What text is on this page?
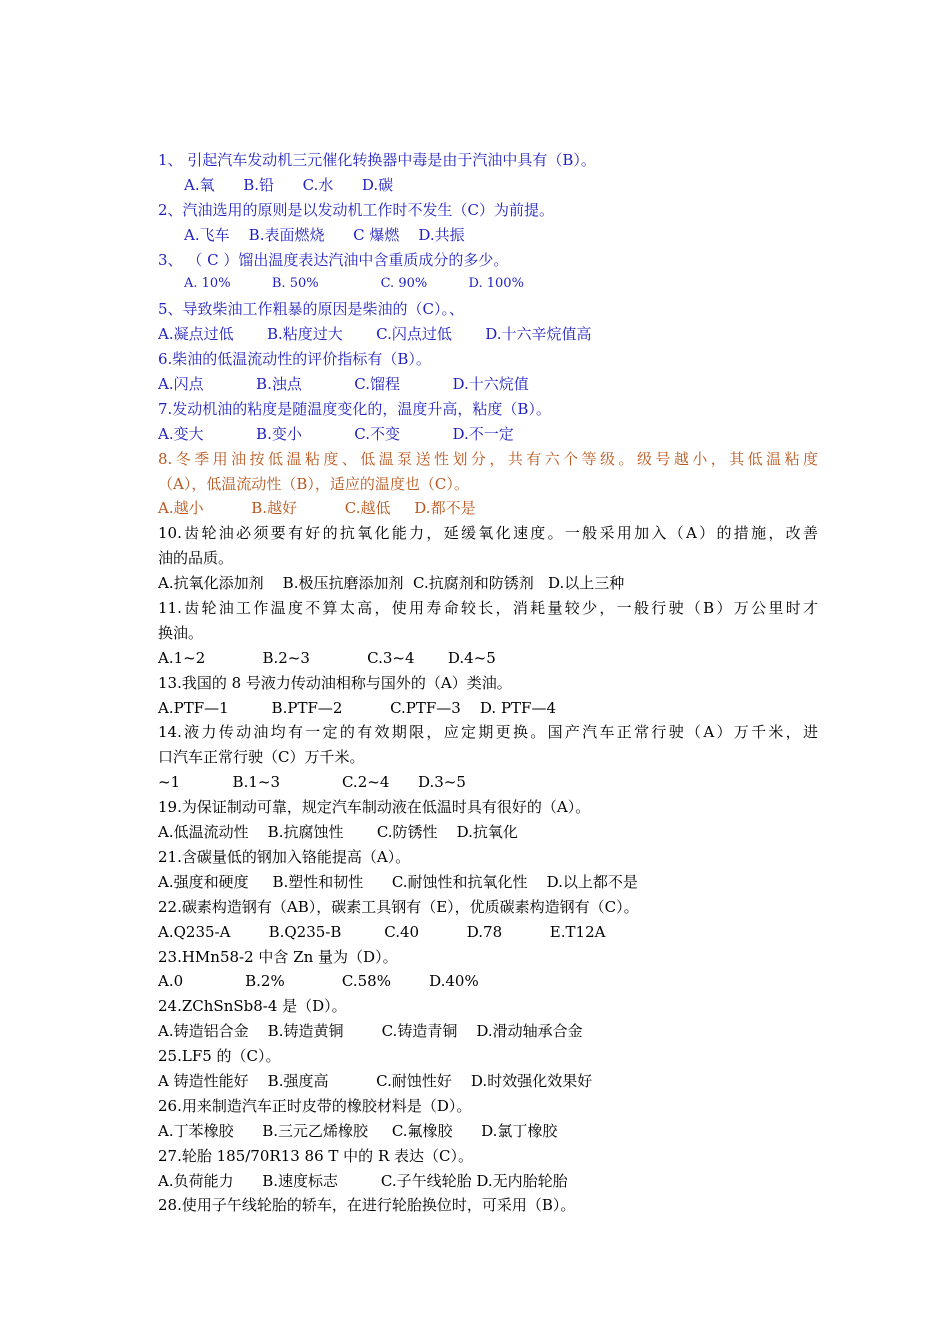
1、 引起汽车发动机三元催化转换器中毒是由于汽油中具有（B）。
A.氧      B.铅      C.水      D.碳
2、汽油选用的原则是以发动机工作时不发生（C）为前提。
A.飞车    B.表面燃烧      C 爆燃    D.共振
3、 （ C ）馏出温度表达汽油中含重质成分的多少。
A. 10%          B. 50%               C. 90%          D. 100%
5、导致柴油工作粗暴的原因是柴油的（C）。、
A.凝点过低       B.粘度过大       C.闪点过低       D.十六辛烷值高
6.柴油的低温流动性的评价指标有（B）。
A.闪点           B.浊点           C.馏程           D.十六烷值
7.发动机油的粘度是随温度变化的，温度升高，粘度（B）。
A.变大           B.变小           C.不变           D.不一定
8.冬季用油按低温粘度、低温泵送性划分，共有六个等级。级号越小，其低温粘度
（A），低温流动性（B），适应的温度也（C）。
A.越小          B.越好          C.越低     D.都不是
10.齿轮油必须要有好的抗氧化能力，延缓氧化速度。一般采用加入（A）的措施，改善
油的品质。
A.抗氧化添加剂    B.极压抗磨添加剂  C.抗腐剂和防锈剂   D.以上三种
11.齿轮油工作温度不算太高，使用寿命较长，消耗量较少，一般行驶（B）万公里时才
换油。
A.1~2            B.2~3            C.3~4       D.4~5
13.我国的 8 号液力传动油相称与国外的（A）类油。
A.PTF—1         B.PTF—2          C.PTF—3    D. PTF—4
14.液力传动油均有一定的有效期限，应定期更换。国产汽车正常行驶（A）万千米，进
口汽车正常行驶（C）万千米。
~1           B.1~3             C.2~4      D.3~5
19.为保证制动可靠，规定汽车制动液在低温时具有很好的（A）。
A.低温流动性    B.抗腐蚀性       C.防锈性    D.抗氧化
21.含碳量低的钢加入铬能提高（A）。
A.强度和硬度     B.塑性和韧性      C.耐蚀性和抗氧化性    D.以上都不是
22.碳素构造钢有（AB），碳素工具钢有（E），优质碳素构造钢有（C）。
A.Q235-A        B.Q235-B         C.40          D.78          E.T12A
23.HMn58-2 中含 Zn 量为（D）。
A.0             B.2%            C.58%        D.40%
24.ZChSnSb8-4 是（D）。
A.铸造铝合金    B.铸造黄铜        C.铸造青铜    D.滑动轴承合金
25.LF5 的（C）。
A 铸造性能好    B.强度高          C.耐蚀性好    D.时效强化效果好
26.用来制造汽车正时皮带的橡胶材料是（D）。
A.丁苯橡胶      B.三元乙烯橡胶     C.氟橡胶      D.氯丁橡胶
27.轮胎 185/70R13 86 T 中的 R 表达（C）。
A.负荷能力      B.速度标志         C.子午线轮胎 D.无内胎轮胎
28.使用子午线轮胎的轿车，在进行轮胎换位时，可采用（B）。
